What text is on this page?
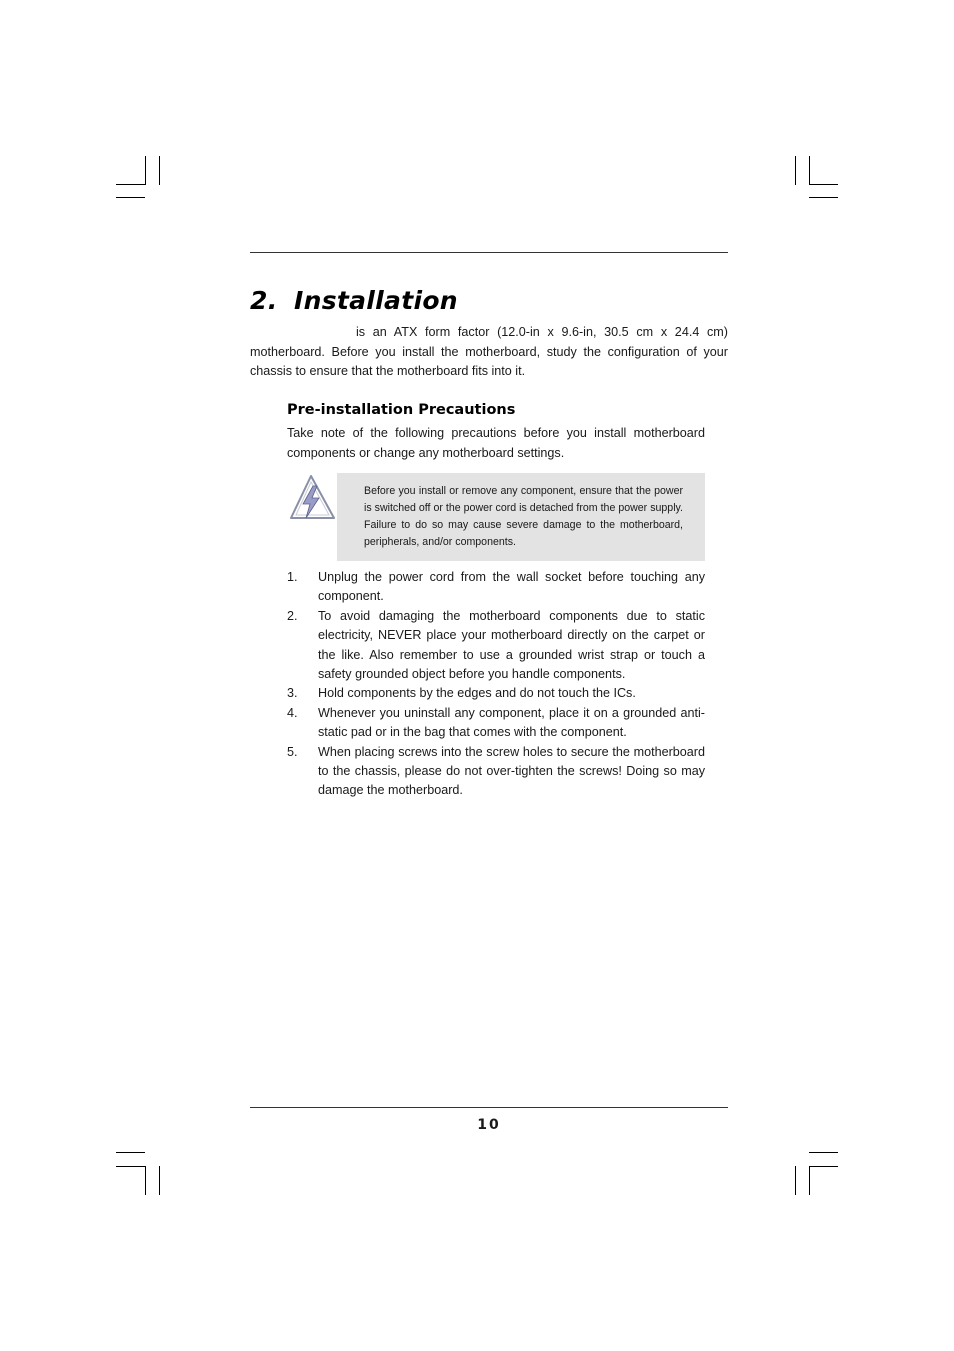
2. Installation

is an ATX form factor (12.0-in x 9.6-in, 30.5 cm x 24.4 cm) motherboard. Before you install the motherboard, study the configuration of your chassis to ensure that the motherboard fits into it.

Pre-installation Precautions

Take note of the following precautions before you install motherboard components or change any motherboard settings.

Before you install or remove any component, ensure that the power is switched off or the power cord is detached from the power supply. Failure to do so may cause severe damage to the motherboard, peripherals, and/or components.

1. Unplug the power cord from the wall socket before touching any component.
2. To avoid damaging the motherboard components due to static electricity, NEVER place your motherboard directly on the carpet or the like. Also remember to use a grounded wrist strap or touch a safety grounded object before you handle components.
3. Hold components by the edges and do not touch the ICs.
4. Whenever you uninstall any component, place it on a grounded anti-static pad or in the bag that comes with the component.
5. When placing screws into the screw holes to secure the motherboard to the chassis, please do not over-tighten the screws! Doing so may damage the motherboard.
10
